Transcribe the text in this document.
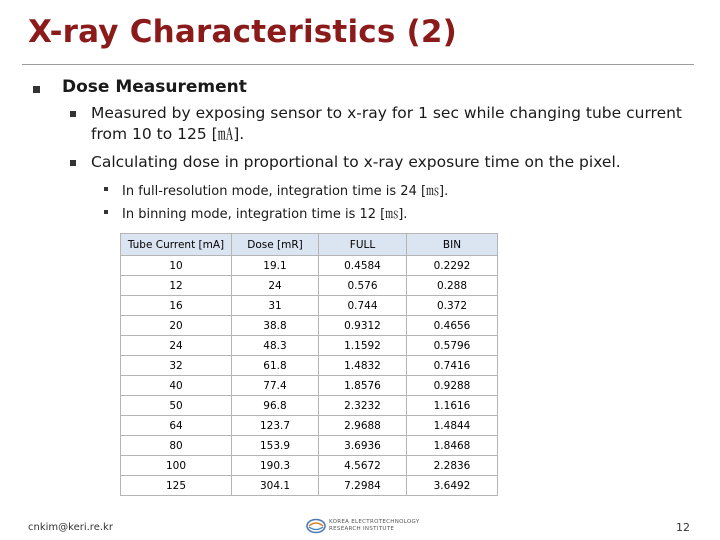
X-ray Characteristics (2)
Dose Measurement
Measured by exposing sensor to x-ray for 1 sec while changing tube current from 10 to 125 [㎃].
Calculating dose in proportional to x-ray exposure time on the pixel.
In full-resolution mode, integration time is 24 [㎳].
In binning mode, integration time is 12 [㎳].
Tube Current [mA]	Dose [mR]	FULL	BIN
10	19.1	0.4584	0.2292
12	24	0.576	0.288
16	31	0.744	0.372
20	38.8	0.9312	0.4656
24	48.3	1.1592	0.5796
32	61.8	1.4832	0.7416
40	77.4	1.8576	0.9288
50	96.8	2.3232	1.1616
64	123.7	2.9688	1.4844
80	153.9	3.6936	1.8468
100	190.3	4.5672	2.2836
125	304.1	7.2984	3.6492
cnkim@keri.re.kr	KOREA ELECTROTECHNOLOGY
RESEARCH INSTITUTE	12
